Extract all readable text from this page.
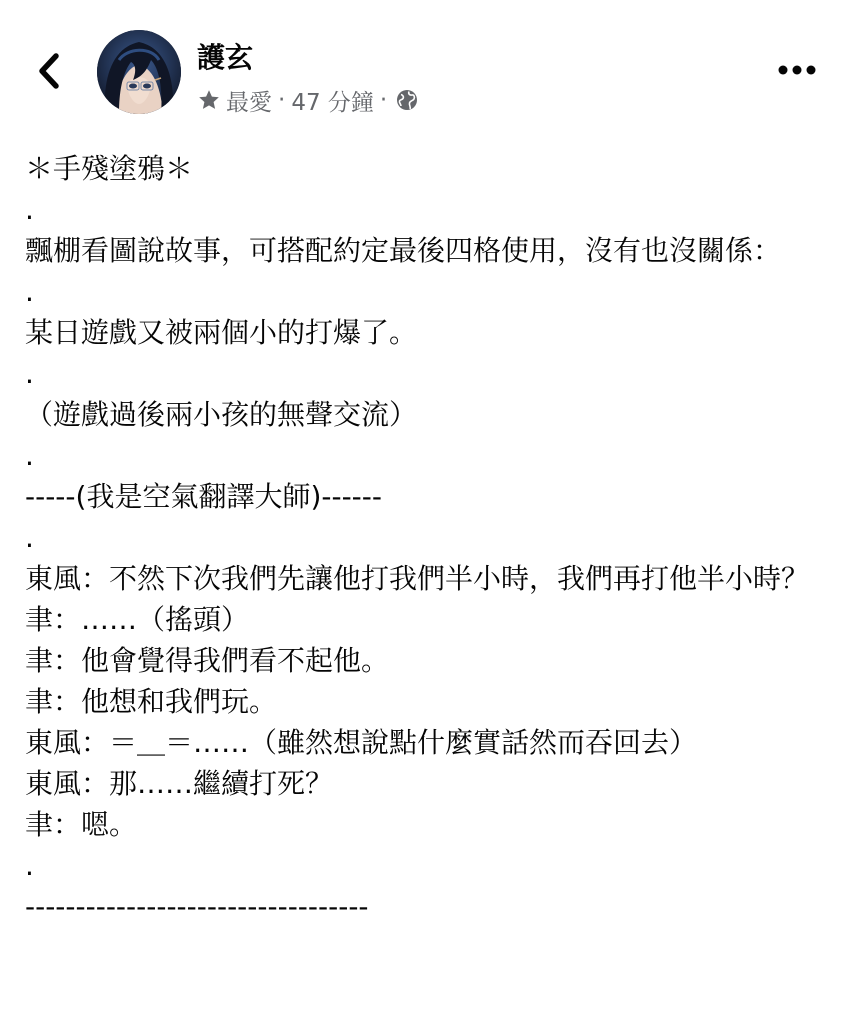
護玄
最愛 · 47 分鐘 ·

＊手殘塗鴉＊

.

飄棚看圖說故事，可搭配約定最後四格使用，沒有也沒關係：

.

某日遊戲又被兩個小的打爆了。

.

（遊戲過後兩小孩的無聲交流）

.

-----(我是空氣翻譯大師)------

.

東風：不然下次我們先讓他打我們半小時，我們再打他半小時？

聿：……（搖頭）

聿：他會覺得我們看不起他。

聿：他想和我們玩。

東風：＝＿＝……（雖然想說點什麼實話然而吞回去）

東風：那……繼續打死？

聿：嗯。

.

----------------------------------
